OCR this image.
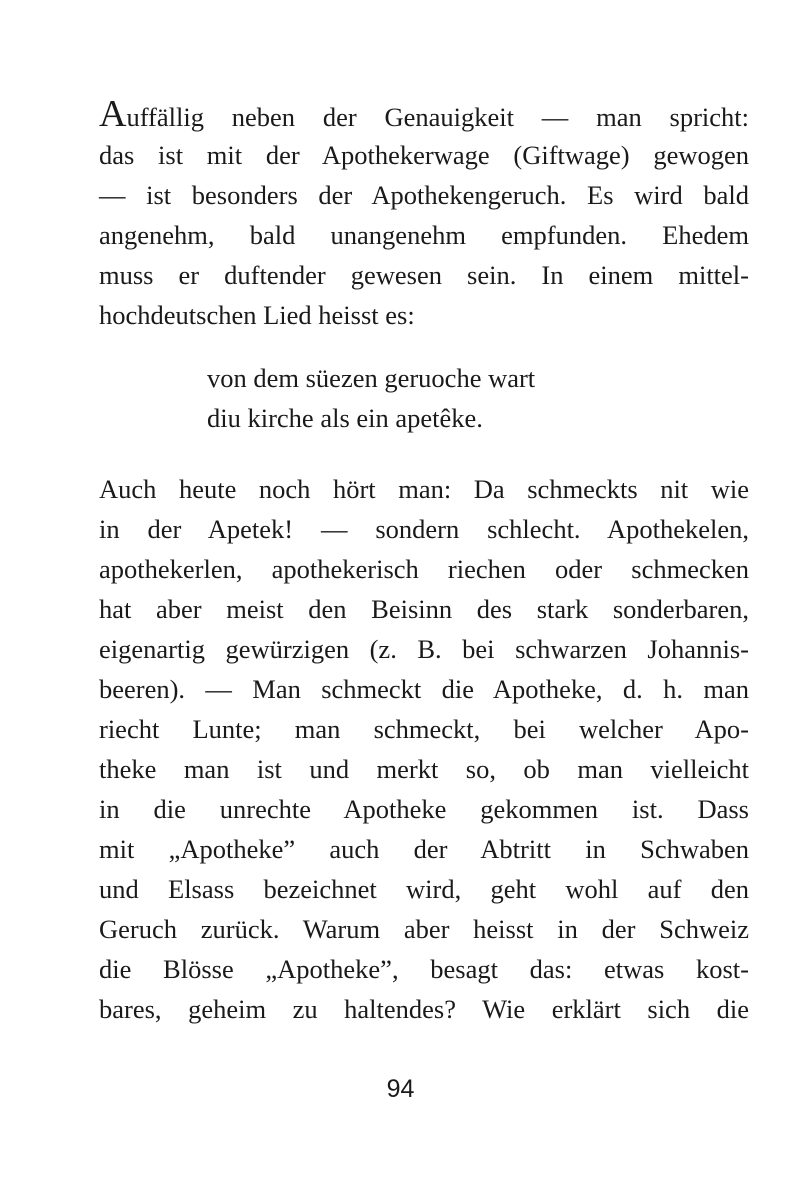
Auffällig neben der Genauigkeit — man spricht:
das ist mit der Apothekerwage (Giftwage) gewogen
— ist besonders der Apothekengeruch. Es wird bald
angenehm, bald unangenehm empfunden. Ehedem
muss er duftender gewesen sein. In einem mittel-
hochdeutschen Lied heisst es:
von dem süezen geruoche wart
diu kirche als ein apetêke.
Auch heute noch hört man: Da schmeckts nit wie
in der Apetek! — sondern schlecht. Apothekelen,
apothekerlen, apothekerisch riechen oder schmecken
hat aber meist den Beisinn des stark sonderbaren,
eigenartig gewürzigen (z. B. bei schwarzen Johannis-
beeren). — Man schmeckt die Apotheke, d. h. man
riecht Lunte; man schmeckt, bei welcher Apo-
theke man ist und merkt so, ob man vielleicht
in die unrechte Apotheke gekommen ist. Dass
mit „Apotheke” auch der Abtritt in Schwaben
und Elsass bezeichnet wird, geht wohl auf den
Geruch zurück. Warum aber heisst in der Schweiz
die Blösse „Apotheke”, besagt das: etwas kost-
bares, geheim zu haltendes? Wie erklärt sich die
94
